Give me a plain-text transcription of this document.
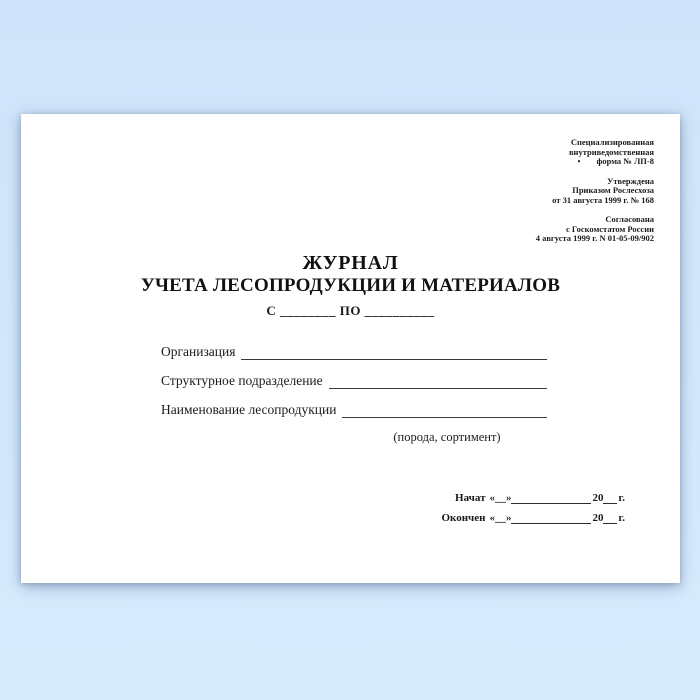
Специализированная
внутриведомственная
• форма № ЛП-8
Утверждена
Приказом Рослесхоза
от 31 августа 1999 г. № 168
Согласована
с Госкомстатом России
4 августа 1999 г. N 01-05-09/902
ЖУРНАЛ
УЧЕТА ЛЕСОПРОДУКЦИИ И МАТЕРИАЛОВ
С ________ ПО __________
Организация
Структурное подразделение
Наименование лесопродукции
(порода, сортимент)
Начат «__»	20 г.
Окончен «__»	20 г.
